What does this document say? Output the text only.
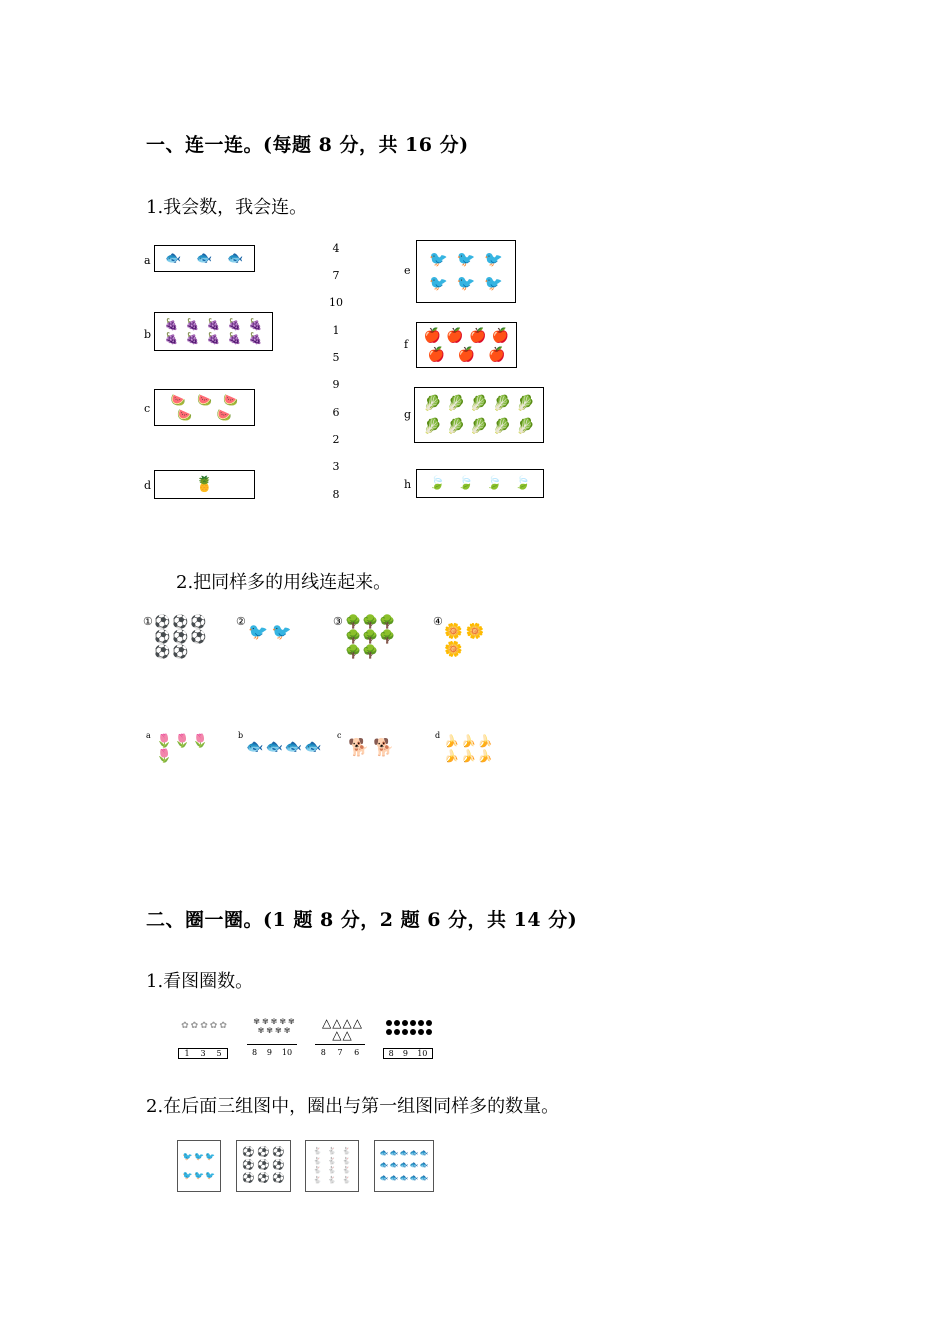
一、连一连。(每题 8 分，共 16 分)
1.我会数，我会连。
a 🐟 🐟 🐟
b
🍇 🍇 🍇 🍇 🍇
🍇 🍇 🍇 🍇 🍇
c
🍉 🍉 🍉
🍉	🍉
d	🍍
4
7
10
1
5
9
6
2
3
8
e
🐦 🐦 🐦
🐦 🐦 🐦
f
🍎 🍎 🍎 🍎
🍎 🍎 🍎
g
🥬 🥬 🥬 🥬 🥬
🥬 🥬 🥬 🥬 🥬
h 🍃 🍃 🍃 🍃
2.把同样多的用线连起来。
① ⚽ ⚽ ⚽
⚽ ⚽ ⚽
⚽ ⚽
②
🐦 🐦
③ 🌳 🌳 🌳
🌳 🌳 🌳
🌳 🌳
④
🌼 🌼
🌼
a 🌷 🌷 🌷
🌷
b
🐟 🐟 🐟 🐟
c
🐕 🐕
d 🍌 🍌 🍌
🍌 🍌 🍌
二、圈一圈。(1 题 8 分，2 题 6 分，共 14 分)
1.看图圈数。
✿ ✿ ✿ ✿ ✿
1 3 5
✾ ✾ ✾ ✾ ✾
✾ ✾ ✾ ✾
8 9 10
△ △ △ △
△ △
8 7 6	8 9 10
2.在后面三组图中，圈出与第一组图同样多的数量。
🐦 🐦 🐦
🐦 🐦 🐦
⚽ ⚽ ⚽
⚽ ⚽ ⚽
⚽ ⚽ ⚽
🐇 🐇 🐇
🐇 🐇 🐇
🐇 🐇 🐇
🐇 🐇 🐇
🐟 🐟 🐟 🐟 🐟
🐟 🐟 🐟 🐟 🐟
🐟 🐟 🐟 🐟 🐟
